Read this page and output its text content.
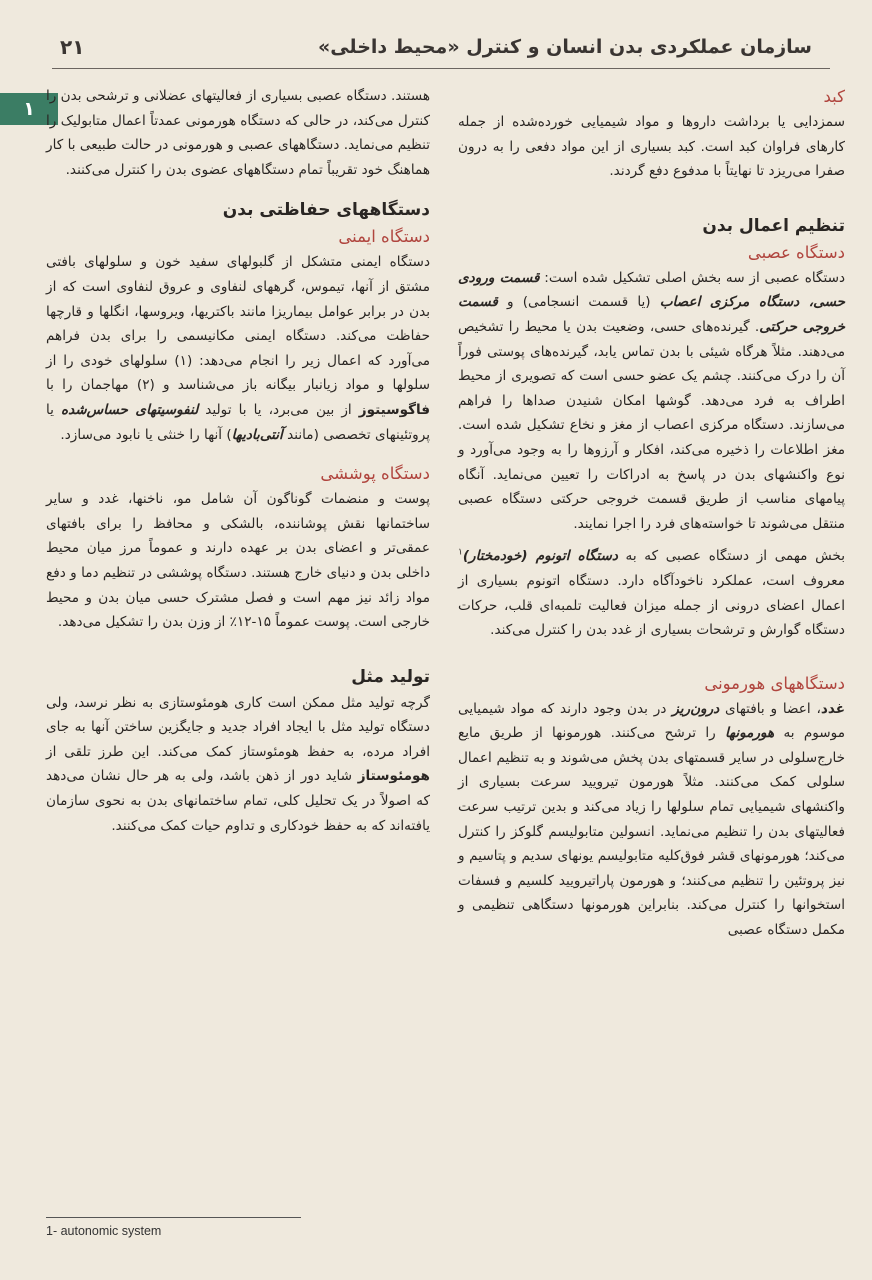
سازمان عملکردی بدن انسان و کنترل «محیط داخلی»
۲۱
۱
کبد

سمزدایی یا برداشت داروها و مواد شیمیایی خورده‌شده از جمله کارهای فراوان کبد است. کبد بسیاری از این مواد دفعی را به درون صفرا می‌ریزد تا نهایتاً با مدفوع دفع گردند.

تنظیم اعمال بدن
دستگاه عصبی

دستگاه عصبی از سه بخش اصلی تشکیل شده است: قسمت ورودی حسی، دستگاه مرکزی اعصاب (یا قسمت انسجامی) و قسمت خروجی حرکتی. گیرنده‌های حسی، وضعیت بدن یا محیط را تشخیص می‌دهند. مثلاً هرگاه شیئی با بدن تماس یابد، گیرنده‌های پوستی فوراً آن را درک می‌کنند. چشم یک عضو حسی است که تصویری از محیط اطراف به فرد می‌دهد. گوشها امکان شنیدن صداها را فراهم می‌سازند. دستگاه مرکزی اعصاب از مغز و نخاع تشکیل شده است. مغز اطلاعات را ذخیره می‌کند، افکار و آرزوها را به وجود می‌آورد و نوع واکنشهای بدن در پاسخ به ادراکات را تعیین می‌نماید. آنگاه پیامهای مناسب از طریق قسمت خروجی حرکتی دستگاه عصبی منتقل می‌شوند تا خواسته‌های فرد را اجرا نمایند.

بخش مهمی از دستگاه عصبی که به دستگاه اتونوم (خودمختار)$^۱$ معروف است، عملکرد ناخودآگاه دارد. دستگاه اتونوم بسیاری از اعمال اعضای درونی از جمله میزان فعالیت تلمبه‌ای قلب، حرکات دستگاه گوارش و ترشحات بسیاری از غدد بدن را کنترل می‌کند.

دستگاههای هورمونی

غدد، اعضا و بافتهای درون‌ریز در بدن وجود دارند که مواد شیمیایی موسوم به هورمونها را ترشح می‌کنند. هورمونها از طریق مایع خارج‌سلولی در سایر قسمتهای بدن پخش می‌شوند و به تنظیم اعمال سلولی کمک می‌کنند. مثلاً هورمون تیرویید سرعت بسیاری از واکنشهای شیمیایی تمام سلولها را زیاد می‌کند و بدین ترتیب سرعت فعالیتهای بدن را تنظیم می‌نماید. انسولین متابولیسم گلوکز را کنترل می‌کند؛ هورمونهای قشر فوق‌کلیه متابولیسم یونهای سدیم و پتاسیم و نیز پروتئین را تنظیم می‌کنند؛ و هورمون پاراتیرویید کلسیم و فسفات استخوانها را کنترل می‌کند. بنابراین هورمونها دستگاهی تنظیمی و مکمل دستگاه عصبی

هستند. دستگاه عصبی بسیاری از فعالیتهای عضلانی و ترشحی بدن را کنترل می‌کند، در حالی که دستگاه هورمونی عمدتاً اعمال متابولیک را تنظیم می‌نماید. دستگاههای عصبی و هورمونی در حالت طبیعی با کار هماهنگ خود تقریباً تمام دستگاههای عضوی بدن را کنترل می‌کنند.

دستگاههای حفاظتی بدن
دستگاه ایمنی

دستگاه ایمنی متشکل از گلبولهای سفید خون و سلولهای بافتی مشتق از آنها، تیموس، گرههای لنفاوی و عروق لنفاوی است که از بدن در برابر عوامل بیماریزا مانند باکتریها، ویروسها، انگلها و قارچها حفاظت می‌کند. دستگاه ایمنی مکانیسمی را برای بدن فراهم می‌آورد که اعمال زیر را انجام می‌دهد: (۱) سلولهای خودی را از سلولها و مواد زیانبار بیگانه باز می‌شناسد و (۲) مهاجمان را با فاگوسیتوز از بین می‌برد، یا با تولید لنفوسیتهای حساس‌شده یا پروتئینهای تخصصی (مانند آنتی‌بادیها) آنها را خنثی یا نابود می‌سازد.

دستگاه پوششی

پوست و منضمات گوناگون آن شامل مو، ناخنها، غدد و سایر ساختمانها نقش پوشاننده، بالشکی و محافظ را برای بافتهای عمقی‌تر و اعضای بدن بر عهده دارند و عموماً مرز میان محیط داخلی بدن و دنیای خارج هستند. دستگاه پوششی در تنظیم دما و دفع مواد زائد نیز مهم است و فصل مشترک حسی میان بدن و محیط خارجی است. پوست عموماً ۱۵-۱۲٪ از وزن بدن را تشکیل می‌دهد.

تولید مثل

گرچه تولید مثل ممکن است کاری هومئوستازی به نظر نرسد، ولی دستگاه تولید مثل با ایجاد افراد جدید و جایگزین ساختن آنها به جای افراد مرده، به حفظ هومئوستاز کمک می‌کند. این طرز تلقی از هومئوستاز شاید دور از ذهن باشد، ولی به هر حال نشان می‌دهد که اصولاً در یک تحلیل کلی، تمام ساختمانهای بدن به نحوی سازمان یافته‌اند که به حفظ خودکاری و تداوم حیات کمک می‌کنند.

1- autonomic system
